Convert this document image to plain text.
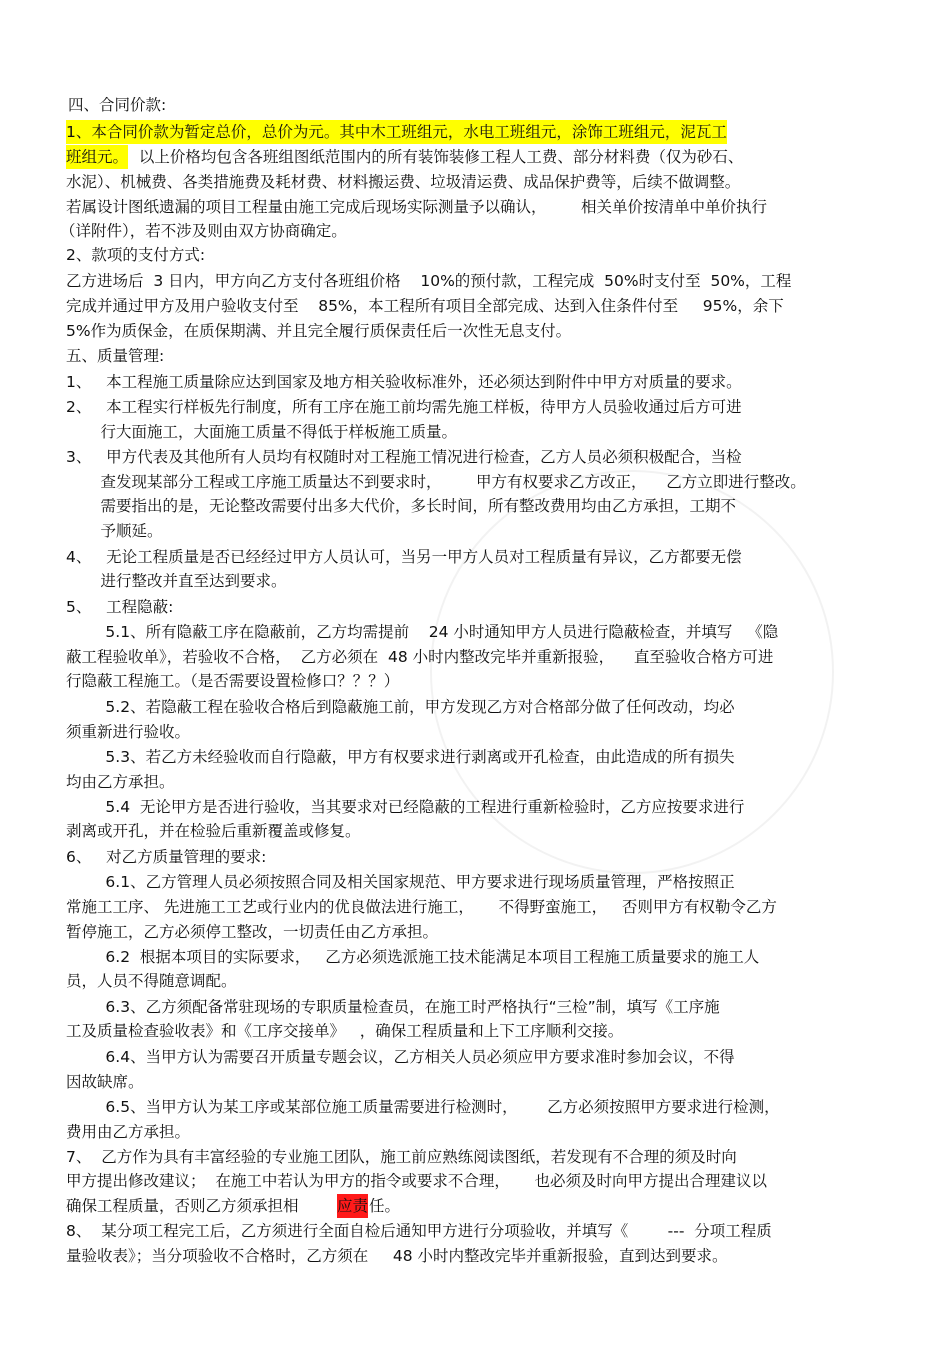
四、合同价款:
1、本合同价款为暂定总价，总价为元。其中木工班组元，水电工班组元，涂饰工班组元，泥瓦工
班组元。 以上价格均包含各班组图纸范围内的所有装饰装修工程人工费、部分材料费（仅为砂石、
水泥）、机械费、各类措施费及耗材费、材料搬运费、垃圾清运费、成品保护费等，后续不做调整。
若属设计图纸遗漏的项目工程量由施工完成后现场实际测量予以确认，       相关单价按清单中单价执行
（详附件），若不涉及则由双方协商确定。
2、款项的支付方式:
乙方进场后  3 日内，甲方向乙方支付各班组价格    10%的预付款，工程完成  50%时支付至  50%，工程
完成并通过甲方及用户验收支付至    85%，本工程所有项目全部完成、达到入住条件付至     95%，余下
5%作为质保金，在质保期满、并且完全履行质保责任后一次性无息支付。
五、质量管理:
1、   本工程施工质量除应达到国家及地方相关验收标准外，还必须达到附件中甲方对质量的要求。
2、   本工程实行样板先行制度，所有工序在施工前均需先施工样板，待甲方人员验收通过后方可进
行大面施工，大面施工质量不得低于样板施工质量。
3、   甲方代表及其他所有人员均有权随时对工程施工情况进行检查，乙方人员必须积极配合，当检
查发现某部分工程或工序施工质量达不到要求时，       甲方有权要求乙方改正，    乙方立即进行整改。
需要指出的是，无论整改需要付出多大代价，多长时间，所有整改费用均由乙方承担，工期不
予顺延。
4、   无论工程质量是否已经经过甲方人员认可，当另一甲方人员对工程质量有异议，乙方都要无偿
进行整改并直至达到要求。
5、   工程隐蔽:
5.1、所有隐蔽工序在隐蔽前，乙方均需提前    24 小时通知甲方人员进行隐蔽检查，并填写   《隐
蔽工程验收单》，若验收不合格，  乙方必须在  48 小时内整改完毕并重新报验，    直至验收合格方可进
行隐蔽工程施工。（是否需要设置检修口？？？）
5.2、若隐蔽工程在验收合格后到隐蔽施工前，甲方发现乙方对合格部分做了任何改动，均必
须重新进行验收。
5.3、若乙方未经验收而自行隐蔽，甲方有权要求进行剥离或开孔检查，由此造成的所有损失
均由乙方承担。
5.4  无论甲方是否进行验收，当其要求对已经隐蔽的工程进行重新检验时，乙方应按要求进行
剥离或开孔，并在检验后重新覆盖或修复。
6、   对乙方质量管理的要求:
6.1、乙方管理人员必须按照合同及相关国家规范、甲方要求进行现场质量管理，严格按照正
常施工工序、 先进施工工艺或行业内的优良做法进行施工，     不得野蛮施工，   否则甲方有权勒令乙方
暂停施工，乙方必须停工整改，一切责任由乙方承担。
6.2  根据本项目的实际要求，   乙方必须选派施工技术能满足本项目工程施工质量要求的施工人
员，人员不得随意调配。
6.3、乙方须配备常驻现场的专职质量检查员，在施工时严格执行“三检”制，填写《工序施
工及质量检查验收表》和《工序交接单》   ，确保工程质量和上下工序顺利交接。
6.4、当甲方认为需要召开质量专题会议，乙方相关人员必须应甲方要求准时参加会议，不得
因故缺席。
6.5、当甲方认为某工序或某部位施工质量需要进行检测时，      乙方必须按照甲方要求进行检测，
费用由乙方承担。
7、  乙方作为具有丰富经验的专业施工团队，施工前应熟练阅读图纸，若发现有不合理的须及时向
甲方提出修改建议；  在施工中若认为甲方的指令或要求不合理，     也必须及时向甲方提出合理建议以
确保工程质量，否则乙方须承担相 应责 任。
8、  某分项工程完工后，乙方须进行全面自检后通知甲方进行分项验收，并填写《        ---  分项工程质
量验收表》；当分项验收不合格时，乙方须在     48 小时内整改完毕并重新报验，直到达到要求。
